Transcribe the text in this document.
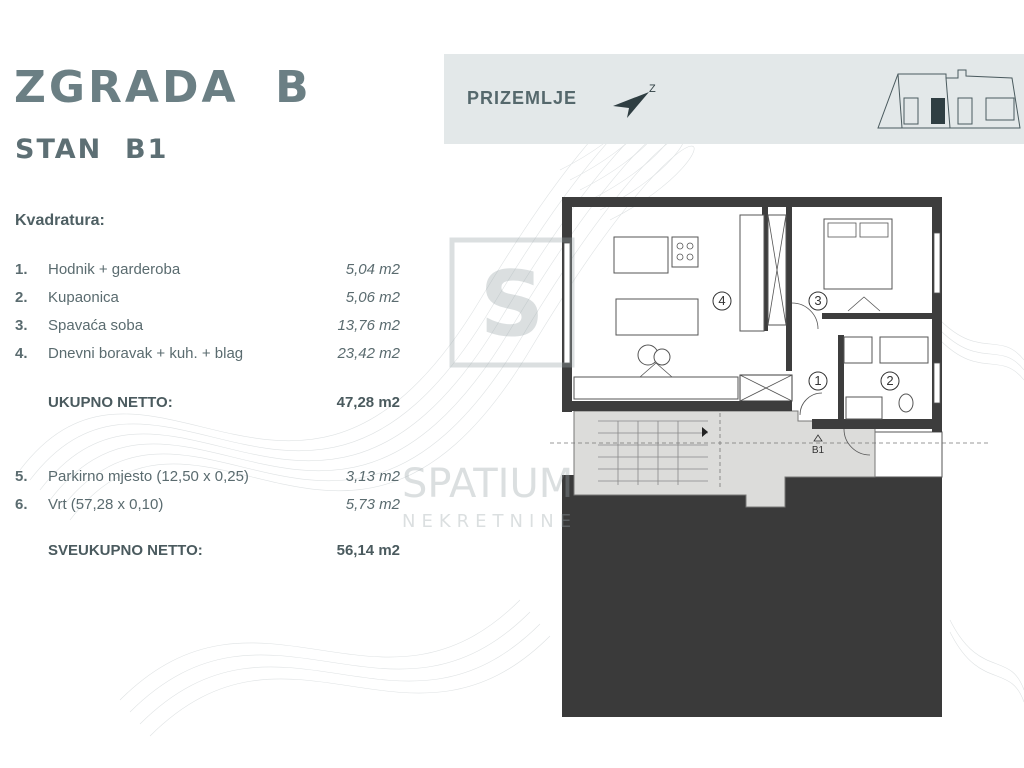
ZGRADA  B
STAN  B1

Kvadratura:

1. Hodnik + garderoba	5,04 m2
2. Kupaonica	5,06 m2
3. Spavaća soba	13,76 m2
4. Dnevni boravak + kuh. + blag	23,42 m2
UKUPNO NETTO:	47,28 m2
5. Parkirno mjesto (12,50 x 0,25)	3,13 m2
6. Vrt (57,28 x 0,10)	5,73 m2
SVEUKUPNO NETTO:	56,14 m2
PRIZEMLJE	Z
4	3
1	2
B1
S
SPATIUM
NEKRETNINE
